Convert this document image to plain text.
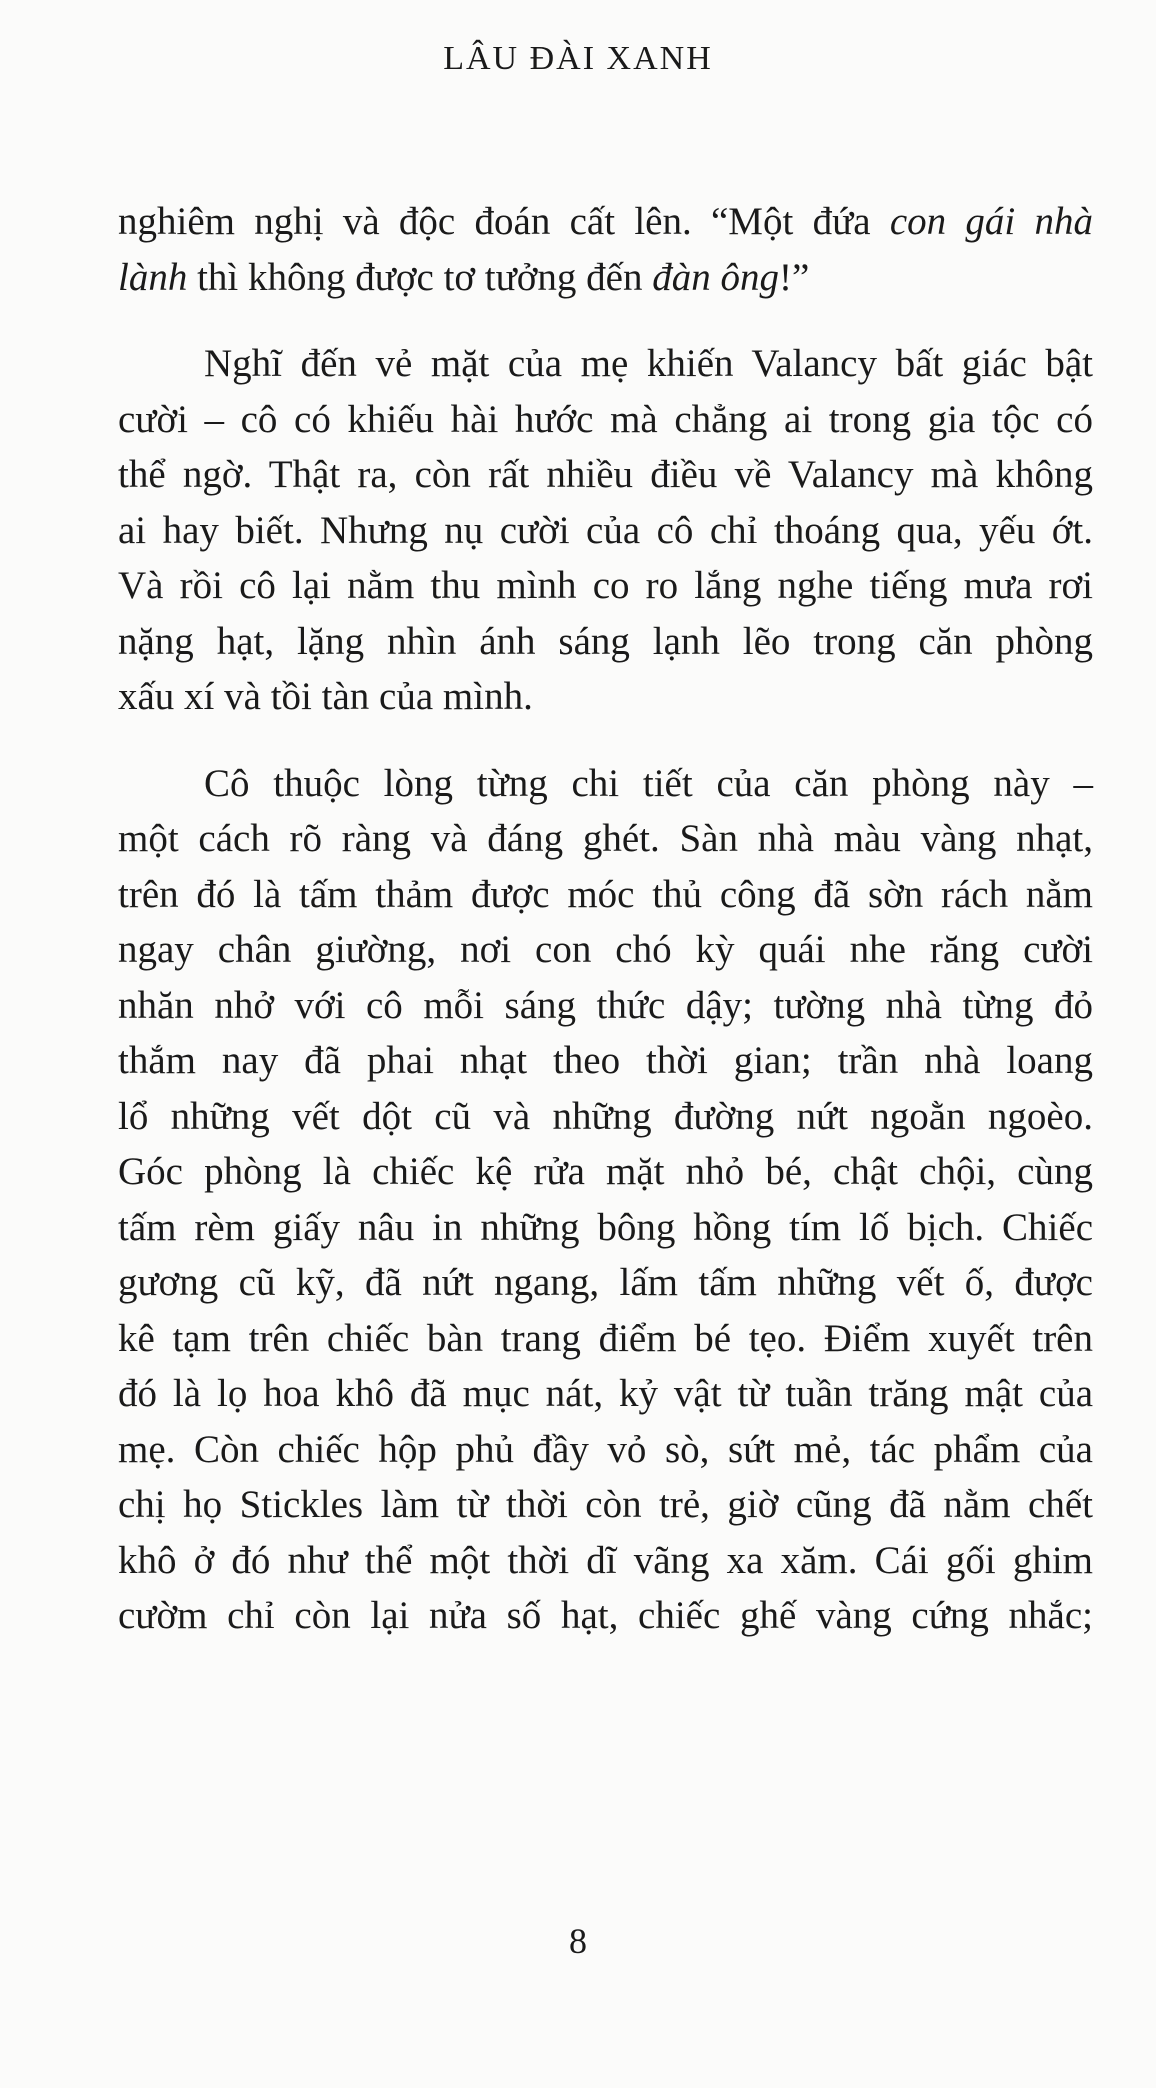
LÂU ĐÀI XANH
nghiêm nghị và độc đoán cất lên. “Một đứa con gái nhà
lành thì không được tơ tưởng đến đàn ông!”
Nghĩ đến vẻ mặt của mẹ khiến Valancy bất giác bật
cười – cô có khiếu hài hước mà chẳng ai trong gia tộc có
thể ngờ. Thật ra, còn rất nhiều điều về Valancy mà không
ai hay biết. Nhưng nụ cười của cô chỉ thoáng qua, yếu ớt.
Và rồi cô lại nằm thu mình co ro lắng nghe tiếng mưa rơi
nặng hạt, lặng nhìn ánh sáng lạnh lẽo trong căn phòng
xấu xí và tồi tàn của mình.
Cô thuộc lòng từng chi tiết của căn phòng này –
một cách rõ ràng và đáng ghét. Sàn nhà màu vàng nhạt,
trên đó là tấm thảm được móc thủ công đã sờn rách nằm
ngay chân giường, nơi con chó kỳ quái nhe răng cười
nhăn nhở với cô mỗi sáng thức dậy; tường nhà từng đỏ
thắm nay đã phai nhạt theo thời gian; trần nhà loang
lổ những vết dột cũ và những đường nứt ngoằn ngoèo.
Góc phòng là chiếc kệ rửa mặt nhỏ bé, chật chội, cùng
tấm rèm giấy nâu in những bông hồng tím lố bịch. Chiếc
gương cũ kỹ, đã nứt ngang, lấm tấm những vết ố, được
kê tạm trên chiếc bàn trang điểm bé tẹo. Điểm xuyết trên
đó là lọ hoa khô đã mục nát, kỷ vật từ tuần trăng mật của
mẹ. Còn chiếc hộp phủ đầy vỏ sò, sứt mẻ, tác phẩm của
chị họ Stickles làm từ thời còn trẻ, giờ cũng đã nằm chết
khô ở đó như thể một thời dĩ vãng xa xăm. Cái gối ghim
cườm chỉ còn lại nửa số hạt, chiếc ghế vàng cứng nhắc;
8
